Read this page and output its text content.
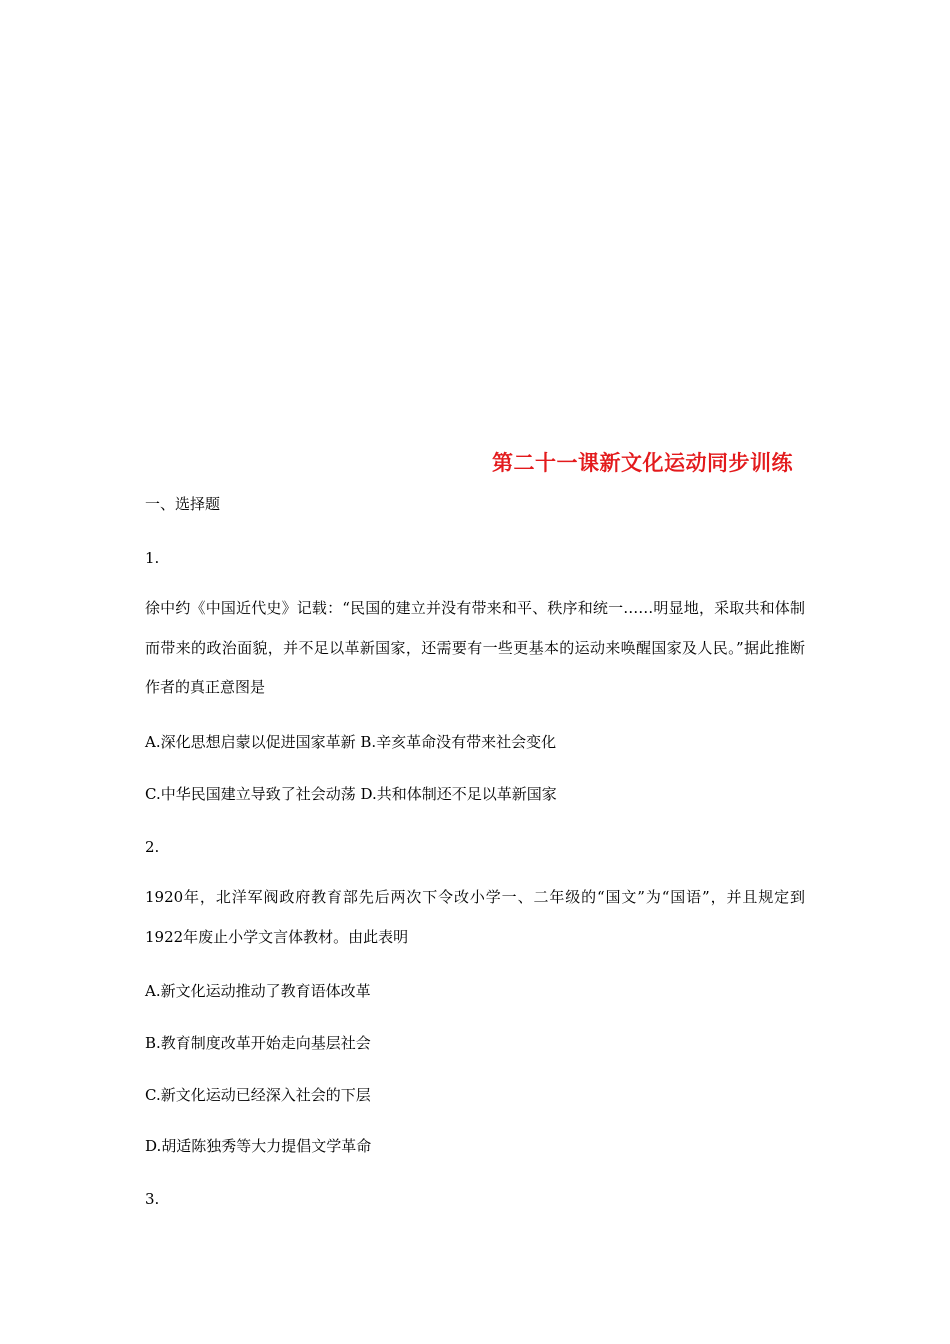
第二十一课新文化运动同步训练
一、选择题
1.
徐中约《中国近代史》记载：“民国的建立并没有带来和平、秩序和统一……明显地，采取共和体制而带来的政治面貌，并不足以革新国家，还需要有一些更基本的运动来唤醒国家及人民。”据此推断作者的真正意图是
A.深化思想启蒙以促进国家革新 B.辛亥革命没有带来社会变化
C.中华民国建立导致了社会动荡 D.共和体制还不足以革新国家
2.
1920年，北洋军阀政府教育部先后两次下令改小学一、二年级的“国文”为“国语”，并且规定到1922年废止小学文言体教材。由此表明
A.新文化运动推动了教育语体改革
B.教育制度改革开始走向基层社会
C.新文化运动已经深入社会的下层
D.胡适陈独秀等大力提倡文学革命
3.
